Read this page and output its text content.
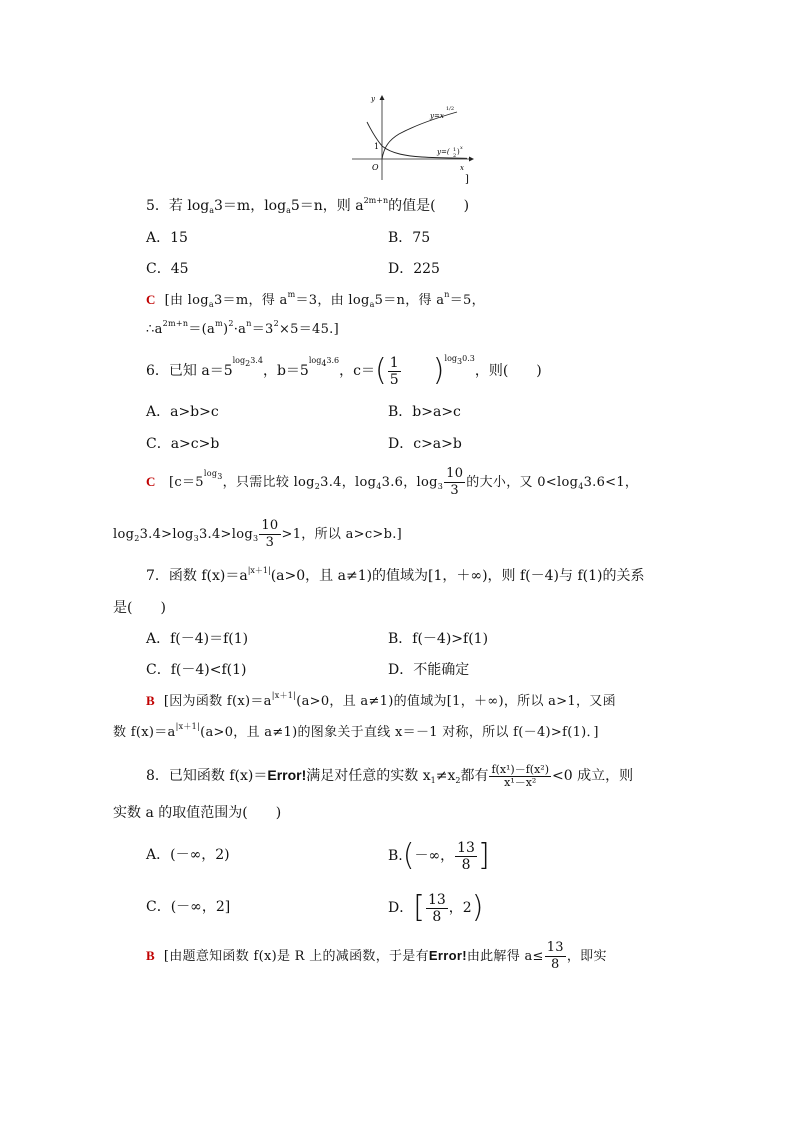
y
x
O
1
y=x
1/2
y=( 1
2 ) x
]
5．若 $\log_a3=m$，$\log_a5=n$，则 $a^{2m+n}$的值是(　　)
A．15	B．75
C．45	D．225
C [由 $\log_a3=m$，得 $a^m=3$，由 $\log_a5=n$，得 $a^n=5$，
$\therefore a^{2m+n}=(a^m)^2\cdot a^n=3^2\times 5=45$.]
6．已知 $a=5^{log_23.4}$，$b=5^{log_43.6}$，$c=( \frac{1}{5} )^{log_30.3}$，则(　　)
A．a>b>c	B．b>a>c
C．a>c>b	D．c>a>b
C [$c=5^{log_3}$，只需比较 $\log_23.4$，$\log_43.6$，$\log_3 \frac{10}{3}$ 的大小，又 $0<\log_43.6<1$，
$\log_23.4>\log_33.4>\log_3 \frac{10}{3} >1$，所以 a>c>b.]
7．函数 $f(x)=a^{|x+1|}(a>0$，且 a≠1)的值域为[1，＋∞)，则 f(－4)与 f(1)的关系
是(　　)
A．f(－4)＝f(1)	B．f(－4)>f(1)
C．f(－4)<f(1)	D．不能确定
B [因为函数 $f(x)=a^{|x+1|}(a>0$，且 a≠1)的值域为[1，＋∞)，所以 a>1，又函
数 $f(x)=a^{|x+1|}(a>0$，且 a≠1)的图象关于直线 x＝－1 对称，所以 f(－4)>f(1)．]
8．已知函数 f(x)＝Error!满足对任意的实数 $x_1\ne x_2$都有 $\frac{\text{f(x¹)－f(x²)}}{\text{x¹－x²}} <0$ 成立，则
实数 a 的取值范围为(　　)
A．(－∞，2)	B.(－∞， $\frac{13}{8}$ ]
C．(－∞，2]	D．[ $\frac{13}{8}$ ，2)
B [由题意知函数 f(x)是 R 上的减函数，于是有Error!由此解得 $a\le \frac{13}{8}$ ，即实
